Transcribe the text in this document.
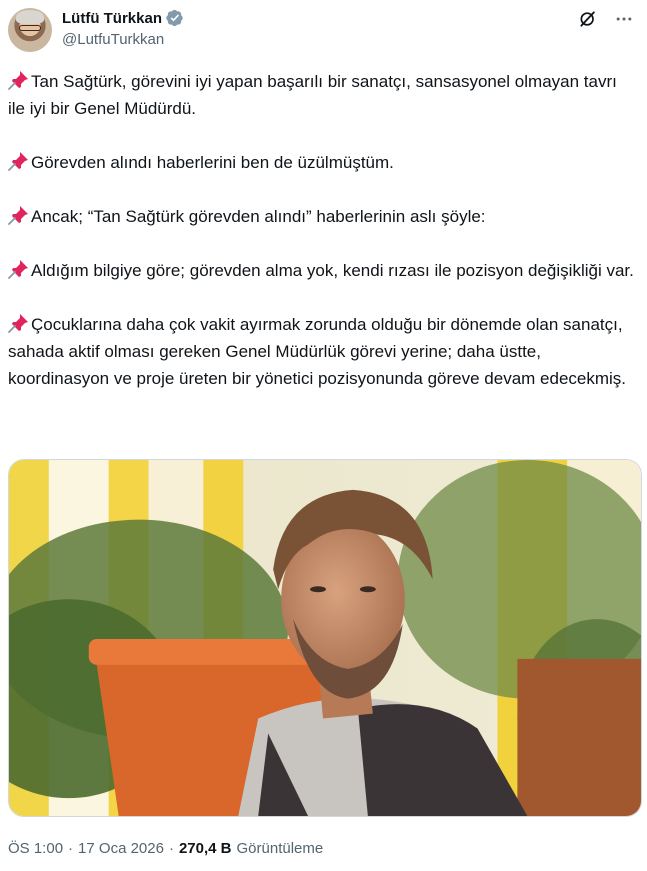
Lütfü Türkkan
@LutfuTurkkan

Tan Sağtürk, görevini iyi yapan başarılı bir sanatçı, sansasyonel olmayan tavrı ile iyi bir Genel Müdürdü.

Görevden alındı haberlerini ben de üzülmüştüm.

Ancak; “Tan Sağtürk görevden alındı” haberlerinin aslı şöyle:

Aldığım bilgiye göre; görevden alma yok, kendi rızası ile pozisyon değişikliği var.

Çocuklarına daha çok vakit ayırmak zorunda olduğu bir dönemde olan sanatçı, sahada aktif olması gereken Genel Müdürlük görevi yerine; daha üstte, koordinasyon ve proje üreten bir yönetici pozisyonunda göreve devam edecekmiş.

ÖS 1:00 · 17 Oca 2026 · 270,4 B Görüntüleme
